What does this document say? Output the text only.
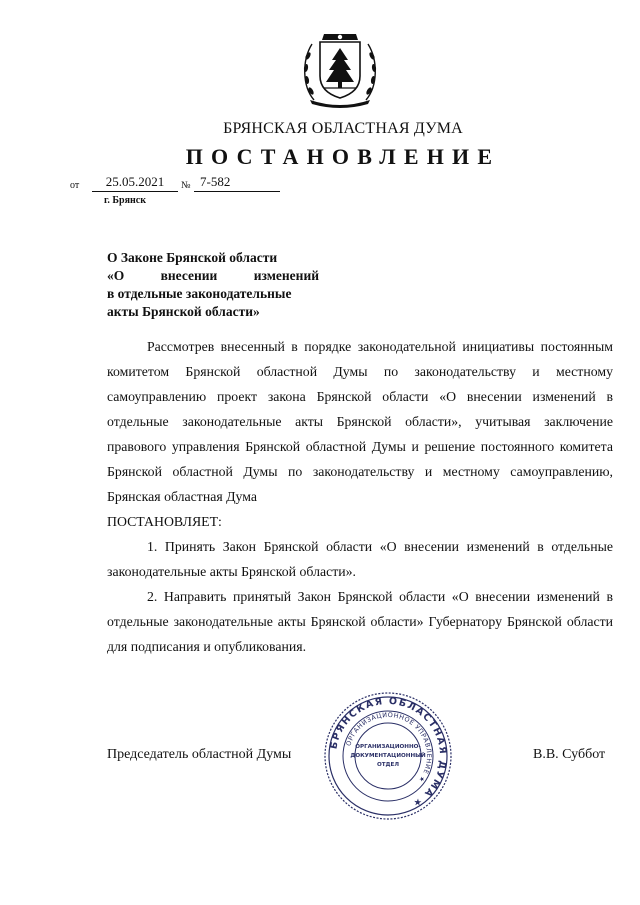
БРЯНСКАЯ ОБЛАСТНАЯ ДУМА
ПОСТАНОВЛЕНИЕ
от	25.05.2021	№ 7-582
г. Брянск
О Законе Брянской области
«О внесении изменений
в отдельные законодательные
акты Брянской области»

Рассмотрев внесенный в порядке законодательной инициативы постоянным комитетом Брянской областной Думы по законодательству и местному самоуправлению проект закона Брянской области «О внесении изменений в отдельные законодательные акты Брянской области», учитывая заключение правового управления Брянской областной Думы и решение постоянного комитета Брянской областной Думы по законодательству и местному самоуправлению, Брянская областная Дума

ПОСТАНОВЛЯЕТ:

1. Принять Закон Брянской области «О внесении изменений в отдельные законодательные акты Брянской области».

2. Направить принятый Закон Брянской области «О внесении изменений в отдельные законодательные акты Брянской области» Губернатору Брянской области для подписания и опубликования.

Председатель областной Думы	В.В. Суббот
БРЯНСКАЯ ОБЛАСТНАЯ ДУМА ★
ОРГАНИЗАЦИОННОЕ УПРАВЛЕНИЕ ★
ОРГАНИЗАЦИОННО-
ДОКУМЕНТАЦИОННЫЙ
ОТДЕЛ
